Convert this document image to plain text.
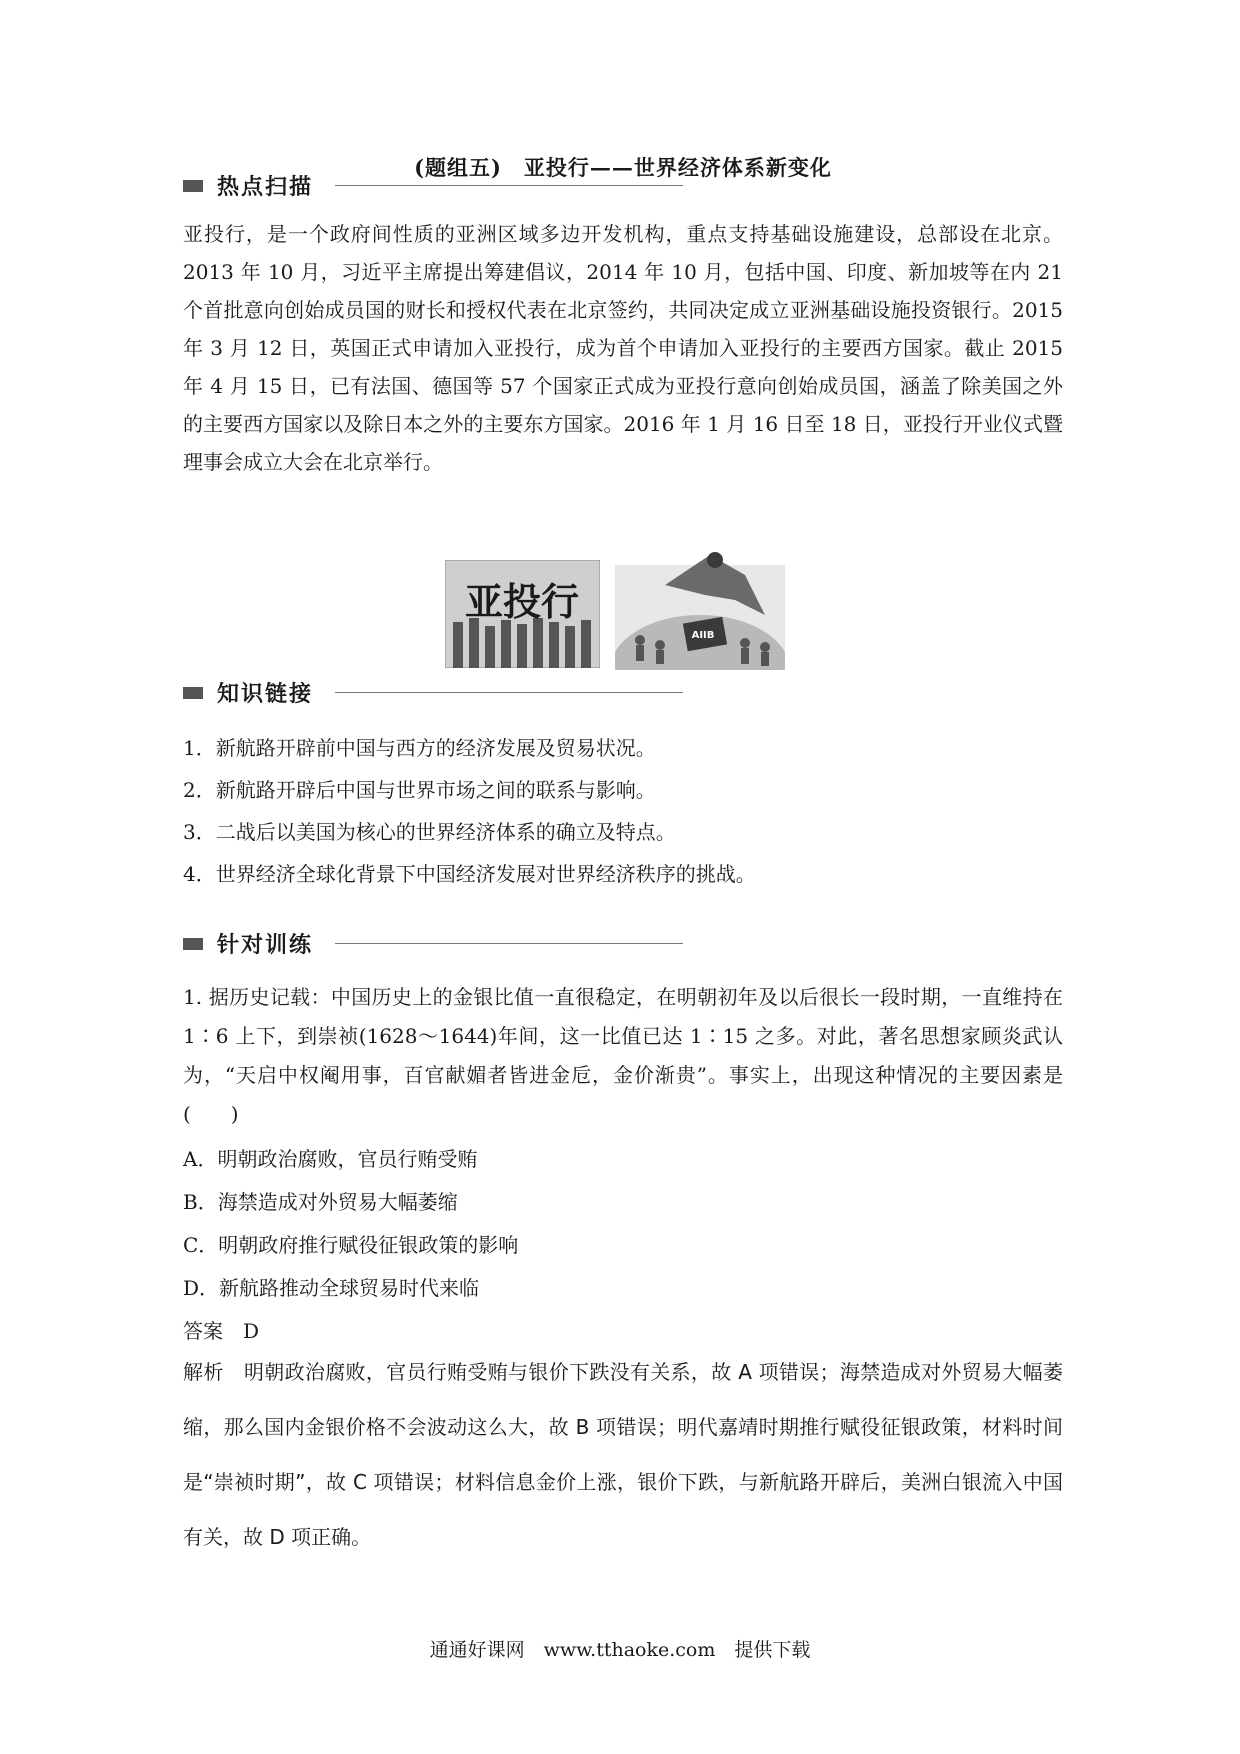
(题组五)　亚投行——世界经济体系新变化
热点扫描

亚投行，是一个政府间性质的亚洲区域多边开发机构，重点支持基础设施建设，总部设在北京。2013 年 10 月，习近平主席提出筹建倡议，2014 年 10 月，包括中国、印度、新加坡等在内 21 个首批意向创始成员国的财长和授权代表在北京签约，共同决定成立亚洲基础设施投资银行。2015 年 3 月 12 日，英国正式申请加入亚投行，成为首个申请加入亚投行的主要西方国家。截止 2015 年 4 月 15 日，已有法国、德国等 57 个国家正式成为亚投行意向创始成员国，涵盖了除美国之外的主要西方国家以及除日本之外的主要东方国家。2016 年 1 月 16 日至 18 日，亚投行开业仪式暨理事会成立大会在北京举行。

亚投行
AIIB
知识链接
1．新航路开辟前中国与西方的经济发展及贸易状况。
2．新航路开辟后中国与世界市场之间的联系与影响。
3．二战后以美国为核心的世界经济体系的确立及特点。
4．世界经济全球化背景下中国经济发展对世界经济秩序的挑战。
针对训练

1. 据历史记载：中国历史上的金银比值一直很稳定，在明朝初年及以后很长一段时期，一直维持在 1∶6 上下，到崇祯(1628～1644)年间，这一比值已达 1∶15 之多。对此，著名思想家顾炎武认为，“天启中权阉用事，百官献媚者皆进金卮，金价渐贵”。事实上，出现这种情况的主要因素是(　　)

A．明朝政治腐败，官员行贿受贿
B．海禁造成对外贸易大幅萎缩
C．明朝政府推行赋役征银政策的影响
D．新航路推动全球贸易时代来临
答案　D

解析　明朝政治腐败，官员行贿受贿与银价下跌没有关系，故 A 项错误；海禁造成对外贸易大幅萎缩，那么国内金银价格不会波动这么大，故 B 项错误；明代嘉靖时期推行赋役征银政策，材料时间是“崇祯时期”，故 C 项错误；材料信息金价上涨，银价下跌，与新航路开辟后，美洲白银流入中国有关，故 D 项正确。

通通好课网　www.tthaoke.com　提供下载
